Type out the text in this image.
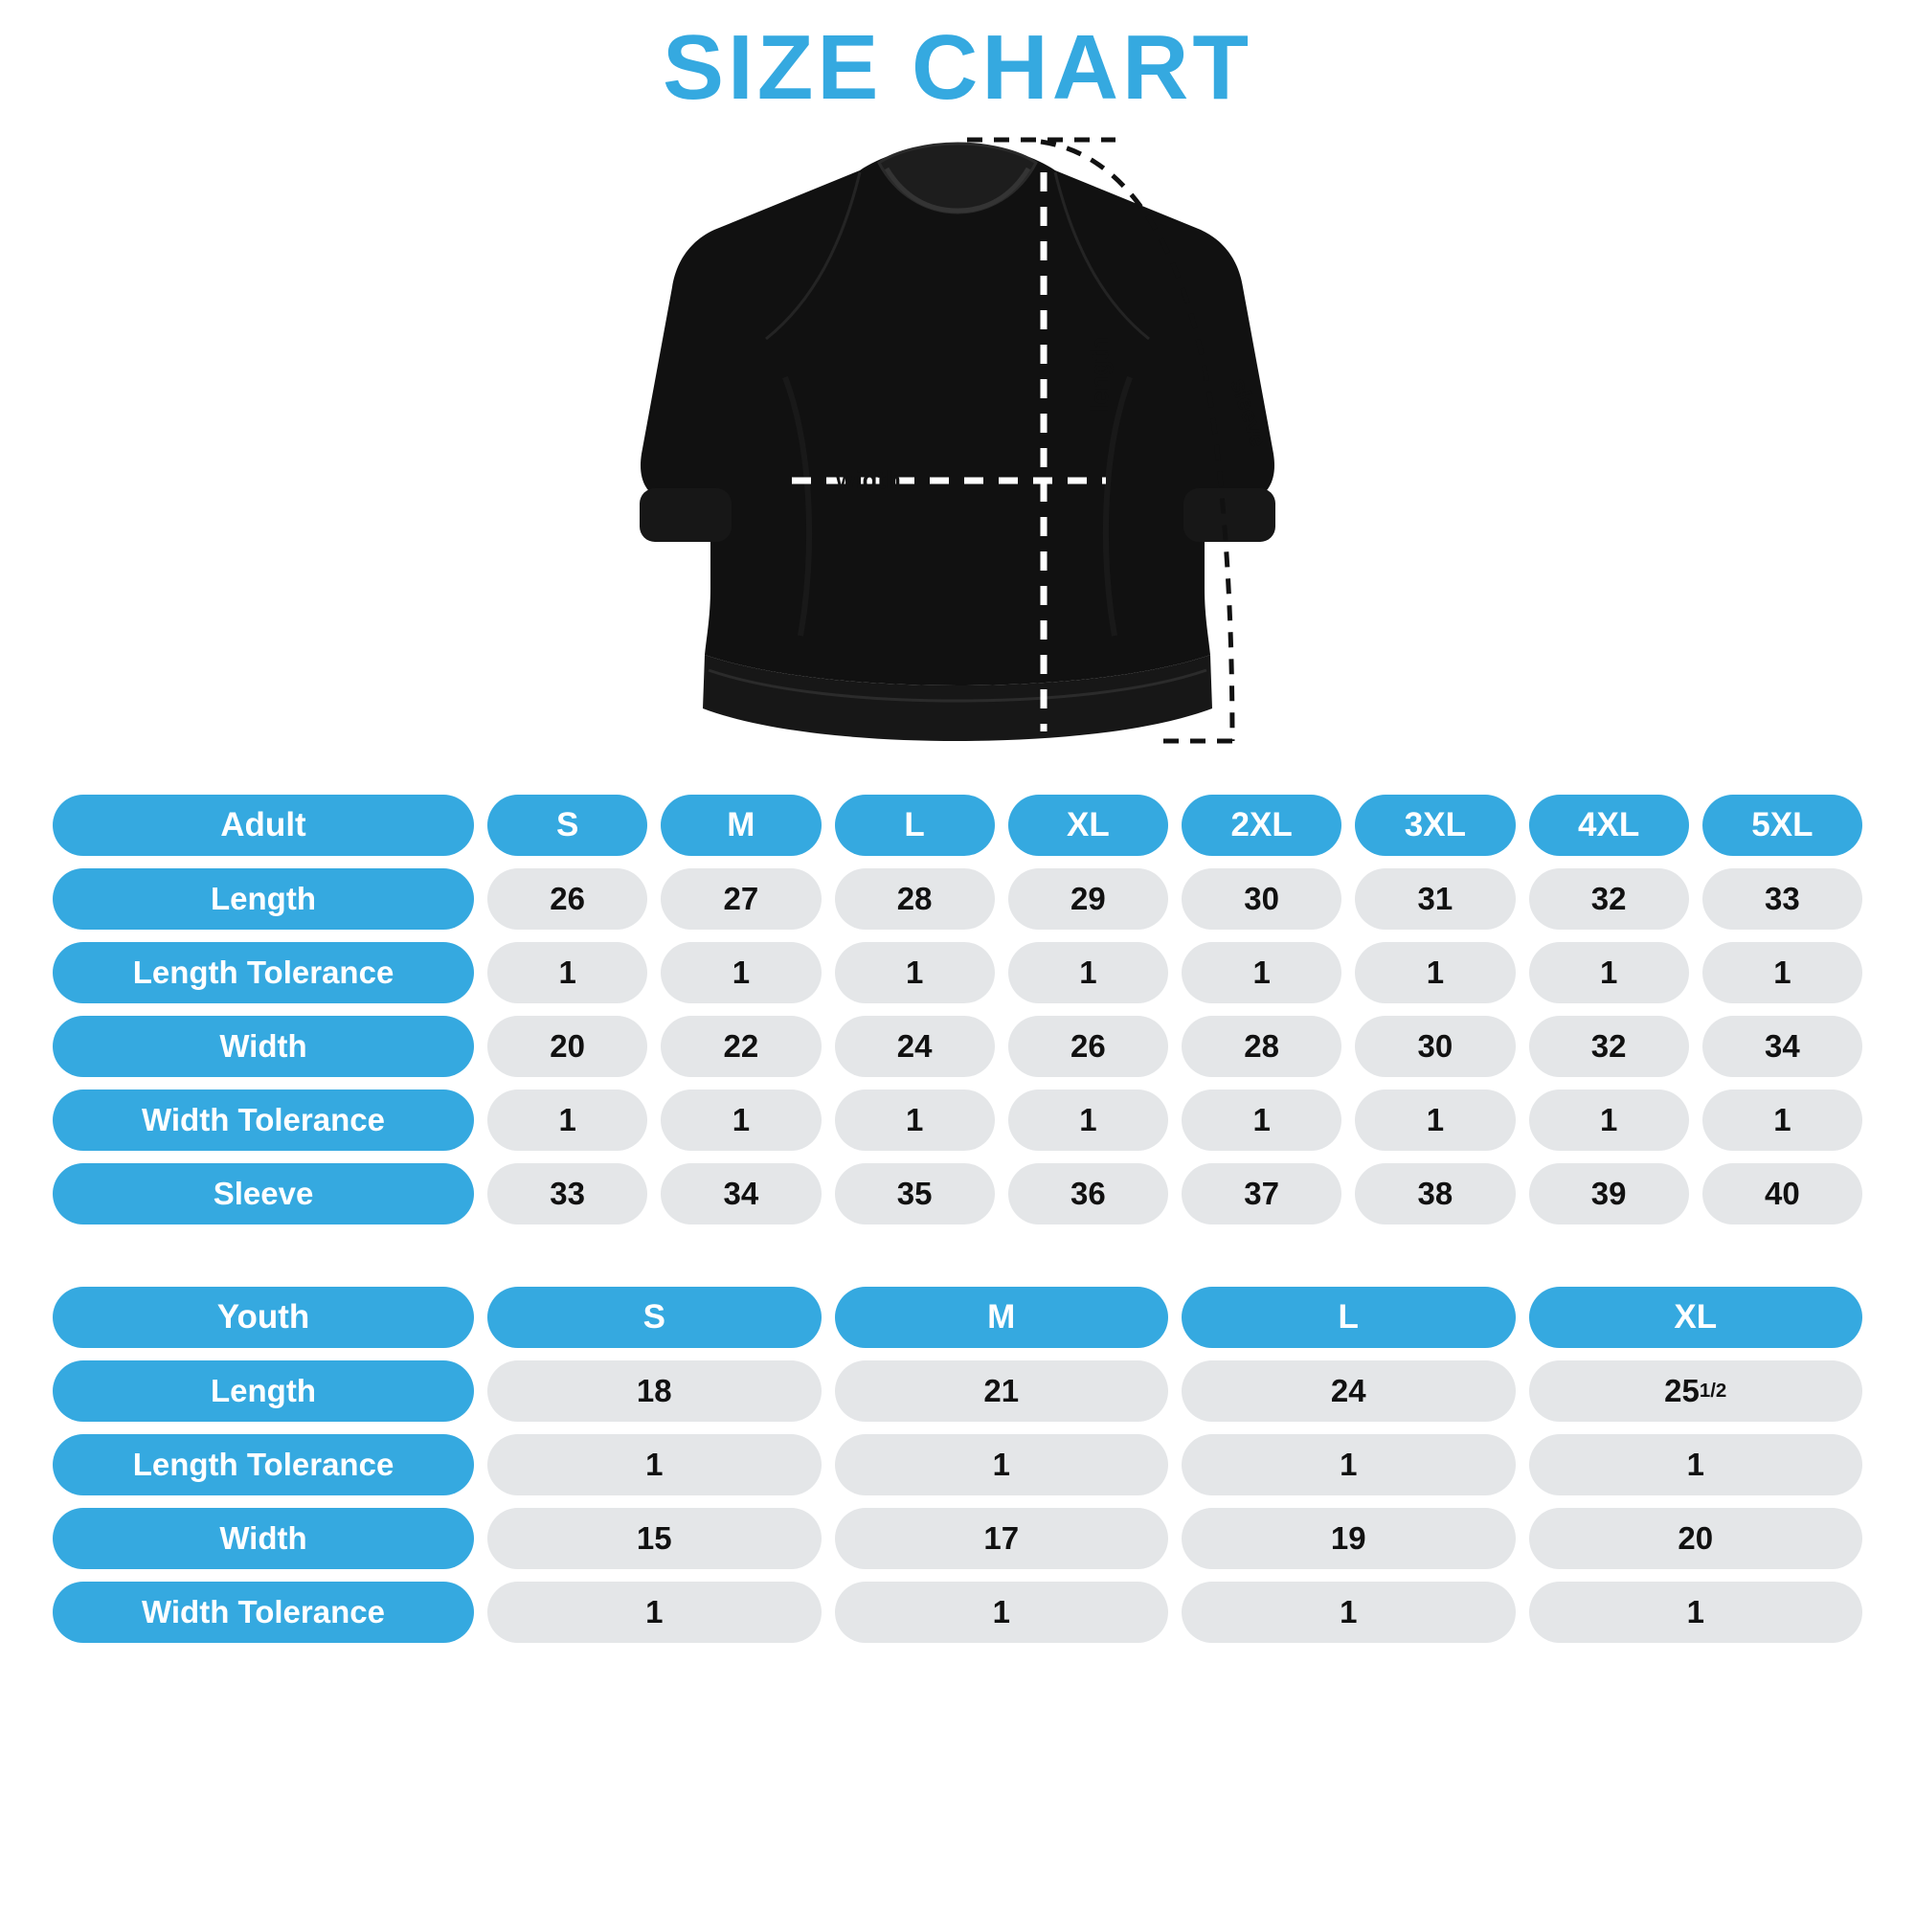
SIZE CHART
width
length
sleeve
Adult	S	M	L	XL	2XL	3XL	4XL	5XL
Length	26	27	28	29	30	31	32	33
Length Tolerance	1	1	1	1	1	1	1	1
Width	20	22	24	26	28	30	32	34
Width Tolerance	1	1	1	1	1	1	1	1
Sleeve	33	34	35	36	37	38	39	40
Youth	S	M	L	XL
Length	18	21	24	25 1/2
Length Tolerance	1	1	1	1
Width	15	17	19	20
Width Tolerance	1	1	1	1
